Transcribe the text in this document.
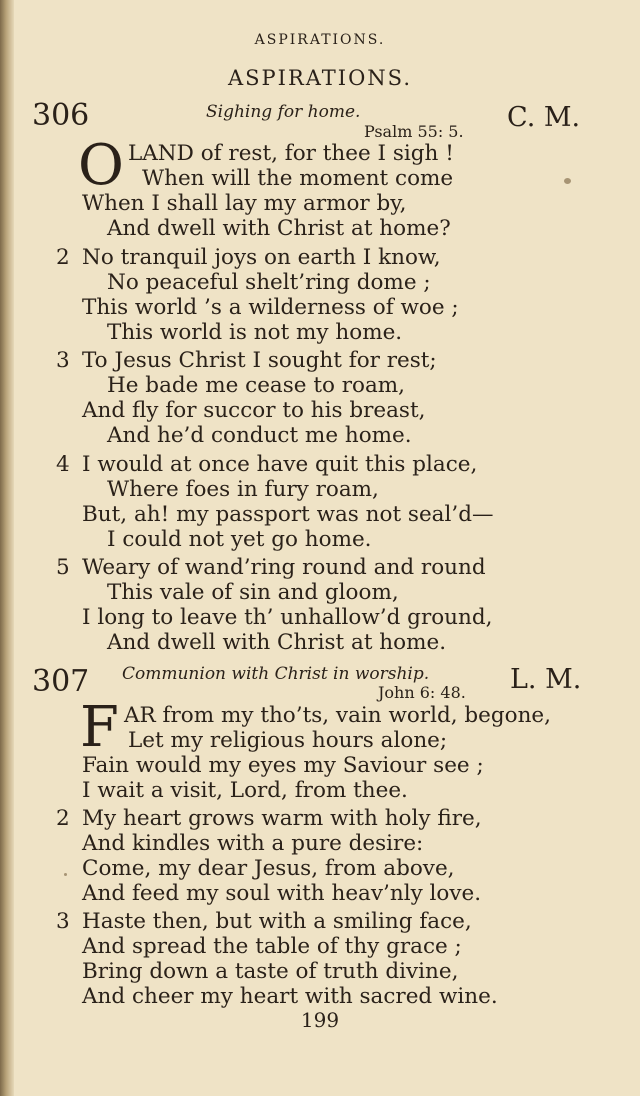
ASPIRATIONS.
ASPIRATIONS.
306	Sighing for home.
Psalm 55: 5. C. M.
O LAND of rest, for thee I sigh !
When will the moment come
When I shall lay my armor by,
And dwell with Christ at home?
2 No tranquil joys on earth I know,
No peaceful shelt’ring dome ;
This world ’s a wilderness of woe ;
This world is not my home.
3 To Jesus Christ I sought for rest;
He bade me cease to roam,
And fly for succor to his breast,
And he’d conduct me home.
4 I would at once have quit this place,
Where foes in fury roam,
But, ah! my passport was not seal’d—
I could not yet go home.
5 Weary of wand’ring round and round
This vale of sin and gloom,
I long to leave th’ unhallow’d ground,
And dwell with Christ at home.
307 Communion with Christ in worship.
John 6: 48. L. M.
F AR from my tho’ts, vain world, begone,
Let my religious hours alone;
Fain would my eyes my Saviour see ;
I wait a visit, Lord, from thee.
2 My heart grows warm with holy fire,
And kindles with a pure desire:
Come, my dear Jesus, from above,
And feed my soul with heav’nly love.
3 Haste then, but with a smiling face,
And spread the table of thy grace ;
Bring down a taste of truth divine,
And cheer my heart with sacred wine.
199
